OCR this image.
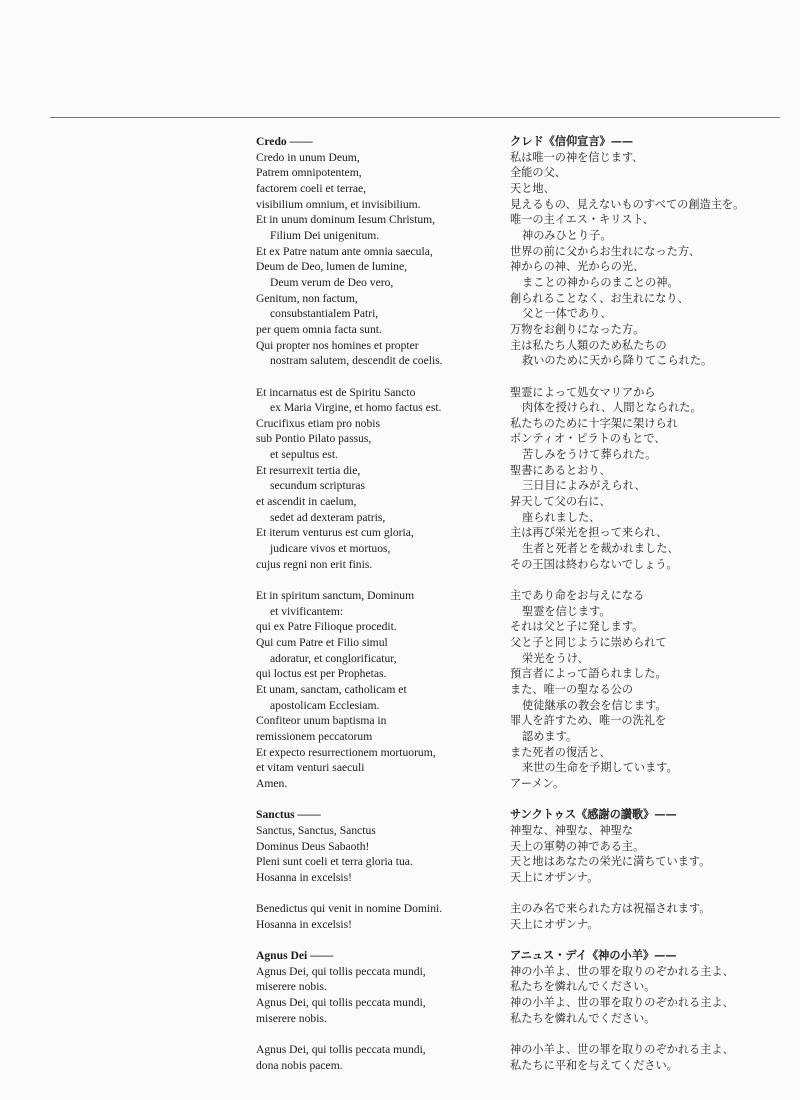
Credo ——
Credo in unum Deum,
Patrem omnipotentem,
factorem coeli et terrae,
visibilium omnium, et invisibilium.
Et in unum dominum Iesum Christum,
Filium Dei unigenitum.
Et ex Patre natum ante omnia saecula,
Deum de Deo, lumen de lumine,
Deum verum de Deo vero,
Genitum, non factum,
consubstantialem Patri,
per quem omnia facta sunt.
Qui propter nos homines et propter
nostram salutem, descendit de coelis.
Et incarnatus est de Spiritu Sancto
ex Maria Virgine, et homo factus est.
Crucifixus etiam pro nobis
sub Pontio Pilato passus,
et sepultus est.
Et resurrexit tertia die,
secundum scripturas
et ascendit in caelum,
sedet ad dexteram patris,
Et iterum venturus est cum gloria,
judicare vivos et mortuos,
cujus regni non erit finis.
Et in spiritum sanctum, Dominum
et vivificantem:
qui ex Patre Filioque procedit.
Qui cum Patre et Filio simul
adoratur, et conglorificatur,
qui loctus est per Prophetas.
Et unam, sanctam, catholicam et
apostolicam Ecclesiam.
Confiteor unum baptisma in
remissionem peccatorum
Et expecto resurrectionem mortuorum,
et vitam venturi saeculi
Amen.
Sanctus ——
Sanctus, Sanctus, Sanctus
Dominus Deus Sabaoth!
Pleni sunt coeli et terra gloria tua.
Hosanna in excelsis!
Benedictus qui venit in nomine Domini.
Hosanna in excelsis!
Agnus Dei ——
Agnus Dei, qui tollis peccata mundi,
miserere nobis.
Agnus Dei, qui tollis peccata mundi,
miserere nobis.
Agnus Dei, qui tollis peccata mundi,
dona nobis pacem.
クレド《信仰宣言》——
私は唯一の神を信じます、
全能の父、
天と地、
見えるもの、見えないものすべての創造主を。
唯一の主イエス・キリスト、
神のみひとり子。
世界の前に父からお生れになった方、
神からの神、光からの光、
まことの神からのまことの神。
創られることなく、お生れになり、
父と一体であり、
万物をお創りになった方。
主は私たち人類のため私たちの
救いのために天から降りてこられた。
聖霊によって処女マリアから
肉体を授けられ、人間となられた。
私たちのために十字架に架けられ
ポンティオ・ピラトのもとで、
苦しみをうけて葬られた。
聖書にあるとおり、
三日目によみがえられ、
昇天して父の右に、
座られました、
主は再び栄光を担って来られ、
生者と死者とを裁かれました、
その王国は終わらないでしょう。
主であり命をお与えになる
聖霊を信じます。
それは父と子に発します。
父と子と同じように崇められて
栄光をうけ、
預言者によって語られました。
また、唯一の聖なる公の
使徒継承の教会を信じます。
罪人を許すため、唯一の洗礼を
認めます。
また死者の復活と、
来世の生命を予期しています。
アーメン。
サンクトゥス《感謝の讃歌》——
神聖な、神聖な、神聖な
天上の軍勢の神である主。
天と地はあなたの栄光に満ちています。
天上にオザンナ。
主のみ名で来られた方は祝福されます。
天上にオザンナ。
アニュス・デイ《神の小羊》——
神の小羊よ、世の罪を取りのぞかれる主よ、
私たちを憐れんでください。
神の小羊よ、世の罪を取りのぞかれる主よ、
私たちを憐れんでください。
神の小羊よ、世の罪を取りのぞかれる主よ、
私たちに平和を与えてください。
